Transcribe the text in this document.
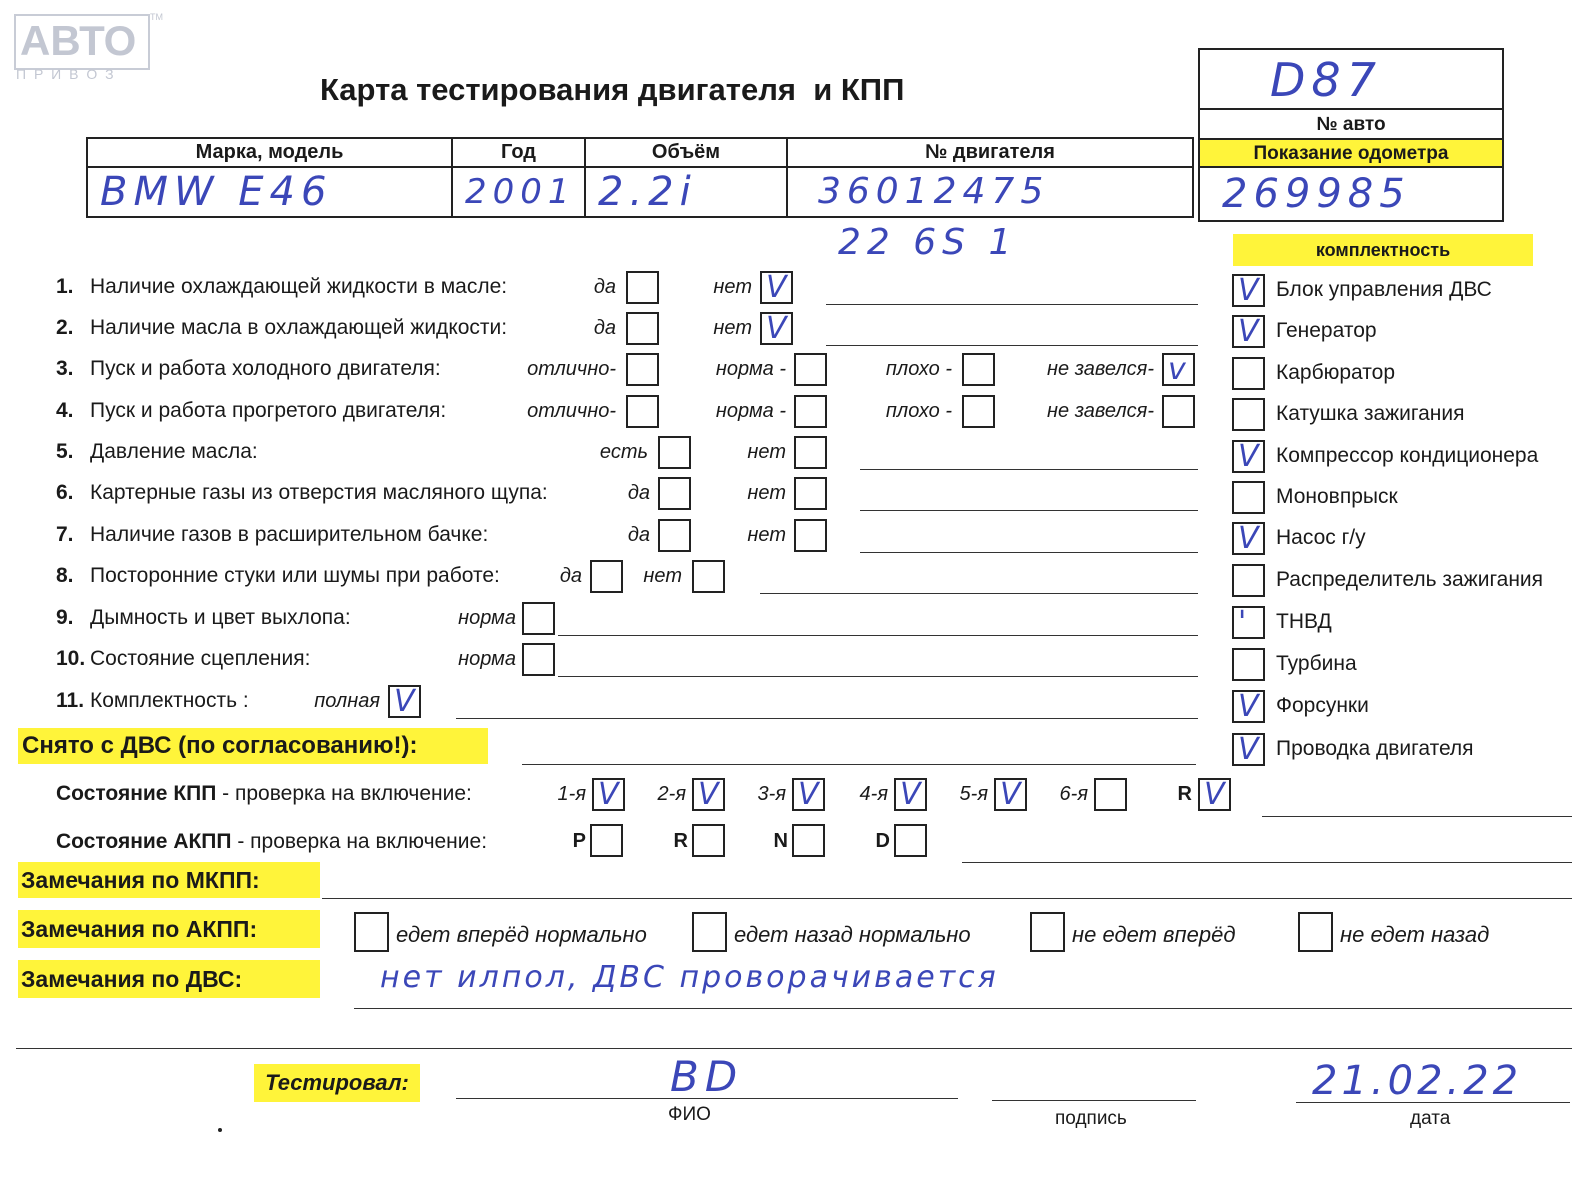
АВТО TM
П Р И В О З	Карта тестирования двигателя  и КПП	D87
№ авто
Показание одометра
269985
Марка, модель	Год	Объём	№ двигателя

BMW E46	2001	2.2i	36012475
22 6S 1	комплектность
V Блок управления ДВС
V Генератор
Карбюратор
Катушка зажигания
V Компрессор кондиционера
Моновпрыск
V Насос г/у
Распределитель зажигания
' ТНВД
Турбина
V Форсунки
V Проводка двигателя
1. Наличие охлаждающей жидкости в масле:	да	нет V
2. Наличие масла в охлаждающей жидкости:	да	нет V
3. Пуск и работа холодного двигателя:	отлично-	норма -	плохо -	не завелся- v
4. Пуск и работа прогретого двигателя:	отлично-	норма -	плохо -	не завелся-
5. Давление масла:	есть	нет
6. Картерные газы из отверстия масляного щупа:	да	нет
7. Наличие газов в расширительном бачке:	да	нет
8. Посторонние стуки или шумы при работе:	да	нет
9. Дымность и цвет выхлопа:	норма
10. Состояние сцепления:	норма
11. Комплектность :	полная V
Снято с ДВС (по согласованию!):
Состояние КПП - проверка на включение:	1-я V 2-я V 3-я V 4-я V 5-я V 6-я	R V
Состояние АКПП - проверка на включение:	P	R	N	D
Замечания по МКПП:
Замечания по АКПП:	едет вперёд нормально	едет назад нормально	не едет вперёд	не едет назад
Замечания по ДВС:	нет илпол, ДВС проворачивается
Тестировал:	BD
ФИО	подпись
21.02.22
дата
